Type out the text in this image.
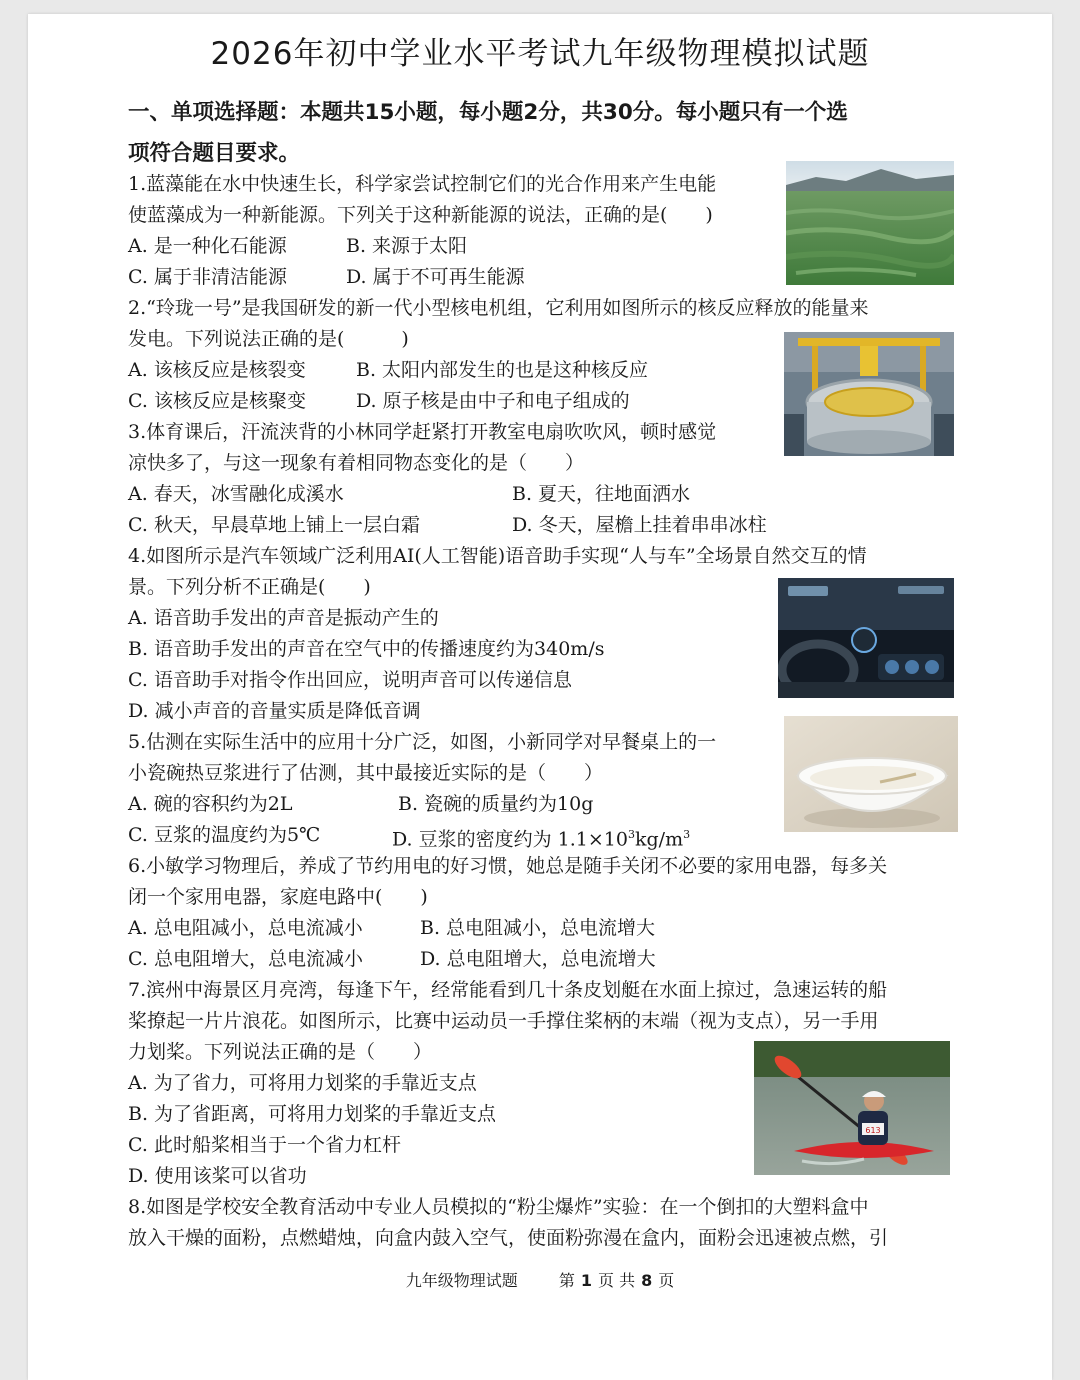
2026年初中学业水平考试九年级物理模拟试题
一、单项选择题：本题共15小题，每小题2分，共30分。每小题只有一个选
项符合题目要求。
1.蓝藻能在水中快速生长，科学家尝试控制它们的光合作用来产生电能
使蓝藻成为一种新能源。下列关于这种新能源的说法，正确的是(　　)
A. 是一种化石能源	B. 来源于太阳
C. 属于非清洁能源	D. 属于不可再生能源
2.“玲珑一号”是我国研发的新一代小型核电机组，它利用如图所示的核反应释放的能量来
发电。下列说法正确的是(　　　)
A. 该核反应是核裂变	B. 太阳内部发生的也是这种核反应
C. 该核反应是核聚变	D. 原子核是由中子和电子组成的
3.体育课后，汗流浃背的小林同学赶紧打开教室电扇吹吹风，顿时感觉
凉快多了，与这一现象有着相同物态变化的是（　　）
A. 春天，冰雪融化成溪水	B. 夏天，往地面洒水
C. 秋天，早晨草地上铺上一层白霜	D. 冬天，屋檐上挂着串串冰柱
4.如图所示是汽车领域广泛利用AI(人工智能)语音助手实现“人与车”全场景自然交互的情
景。下列分析不正确是(　　)
A. 语音助手发出的声音是振动产生的
B. 语音助手发出的声音在空气中的传播速度约为340m/s
C. 语音助手对指令作出回应，说明声音可以传递信息
D. 减小声音的音量实质是降低音调
5.估测在实际生活中的应用十分广泛，如图，小新同学对早餐桌上的一
小瓷碗热豆浆进行了估测，其中最接近实际的是（　　）
A. 碗的容积约为2L	B. 瓷碗的质量约为10g
C. 豆浆的温度约为5℃	D. 豆浆的密度约为 $1.1\times 10^3kg/m^3$
6.小敏学习物理后，养成了节约用电的好习惯，她总是随手关闭不必要的家用电器，每多关
闭一个家用电器，家庭电路中(　　)
A. 总电阻减小，总电流减小	B. 总电阻减小，总电流增大
C. 总电阻增大，总电流减小	D. 总电阻增大，总电流增大
7.滨州中海景区月亮湾，每逢下午，经常能看到几十条皮划艇在水面上掠过，急速运转的船
桨撩起一片片浪花。如图所示，比赛中运动员一手撑住桨柄的末端（视为支点），另一手用
力划桨。下列说法正确的是（　　）
A. 为了省力，可将用力划桨的手靠近支点
B. 为了省距离，可将用力划桨的手靠近支点
C. 此时船桨相当于一个省力杠杆
D. 使用该桨可以省功
8.如图是学校安全教育活动中专业人员模拟的“粉尘爆炸”实验：在一个倒扣的大塑料盒中
放入干燥的面粉，点燃蜡烛，向盒内鼓入空气，使面粉弥漫在盒内，面粉会迅速被点燃，引
613
九年级物理试题	第 1 页 共 8 页
